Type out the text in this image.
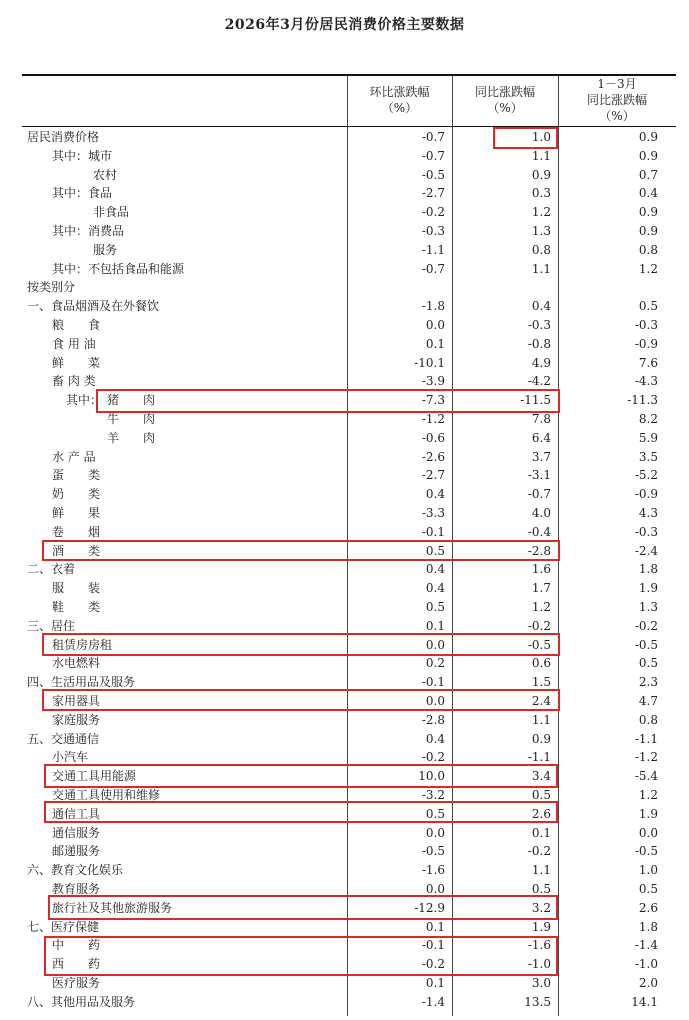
2026年3月份居民消费价格主要数据
环比涨跌幅
（%）
同比涨跌幅
（%）
1－3月
同比涨跌幅
（%）
居民消费价格	-0.7	1.0	0.9
其中：城市	-0.7	1.1	0.9
农村	-0.5	0.9	0.7
其中：食品	-2.7	0.3	0.4
非食品	-0.2	1.2	0.9
其中：消费品	-0.3	1.3	0.9
服务	-1.1	0.8	0.8
其中：不包括食品和能源	-0.7	1.1	1.2
按类别分
一、食品烟酒及在外餐饮	-1.8	0.4	0.5
粮　　食	0.0	-0.3	-0.3
食 用 油	0.1	-0.8	-0.9
鲜　　菜	-10.1	4.9	7.6
畜 肉 类	-3.9	-4.2	-4.3
其中： 猪　　肉	-7.3	-11.5	-11.3
牛　　肉	-1.2	7.8	8.2
羊　　肉	-0.6	6.4	5.9
水 产 品	-2.6	3.7	3.5
蛋　　类	-2.7	-3.1	-5.2
奶　　类	0.4	-0.7	-0.9
鲜　　果	-3.3	4.0	4.3
卷　　烟	-0.1	-0.4	-0.3
酒　　类	0.5	-2.8	-2.4
二、衣着	0.4	1.6	1.8
服　　装	0.4	1.7	1.9
鞋　　类	0.5	1.2	1.3
三、居住	0.1	-0.2	-0.2
租赁房房租	0.0	-0.5	-0.5
水电燃料	0.2	0.6	0.5
四、生活用品及服务	-0.1	1.5	2.3
家用器具	0.0	2.4	4.7
家庭服务	-2.8	1.1	0.8
五、交通通信	0.4	0.9	-1.1
小汽车	-0.2	-1.1	-1.2
交通工具用能源	10.0	3.4	-5.4
交通工具使用和维修	-3.2	0.5	1.2
通信工具	0.5	2.6	1.9
通信服务	0.0	0.1	0.0
邮递服务	-0.5	-0.2	-0.5
六、教育文化娱乐	-1.6	1.1	1.0
教育服务	0.0	0.5	0.5
旅行社及其他旅游服务	-12.9	3.2	2.6
七、医疗保健	0.1	1.9	1.8
中　　药	-0.1	-1.6	-1.4
西　　药	-0.2	-1.0	-1.0
医疗服务	0.1	3.0	2.0
八、其他用品及服务	-1.4	13.5	14.1
